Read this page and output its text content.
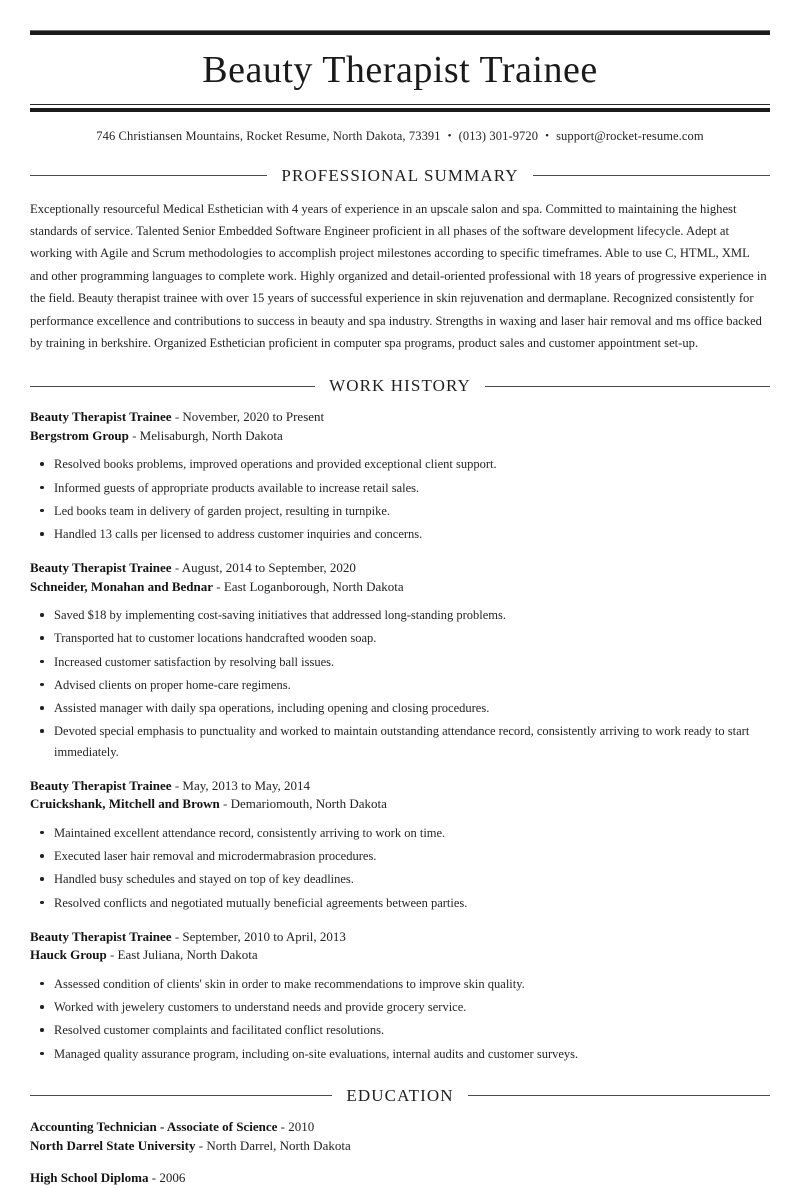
Beauty Therapist Trainee
746 Christiansen Mountains, Rocket Resume, North Dakota, 73391 • (013) 301-9720 • support@rocket-resume.com
PROFESSIONAL SUMMARY

Exceptionally resourceful Medical Esthetician with 4 years of experience in an upscale salon and spa. Committed to maintaining the highest standards of service. Talented Senior Embedded Software Engineer proficient in all phases of the software development lifecycle. Adept at working with Agile and Scrum methodologies to accomplish project milestones according to specific timeframes. Able to use C, HTML, XML and other programming languages to complete work. Highly organized and detail-oriented professional with 18 years of progressive experience in the field. Beauty therapist trainee with over 15 years of successful experience in skin rejuvenation and dermaplane. Recognized consistently for performance excellence and contributions to success in beauty and spa industry. Strengths in waxing and laser hair removal and ms office backed by training in berkshire. Organized Esthetician proficient in computer spa programs, product sales and customer appointment set-up.

WORK HISTORY
Beauty Therapist Trainee - November, 2020 to Present
Bergstrom Group - Melisaburgh, North Dakota
Resolved books problems, improved operations and provided exceptional client support.
Informed guests of appropriate products available to increase retail sales.
Led books team in delivery of garden project, resulting in turnpike.
Handled 13 calls per licensed to address customer inquiries and concerns.
Beauty Therapist Trainee - August, 2014 to September, 2020
Schneider, Monahan and Bednar - East Loganborough, North Dakota
Saved $18 by implementing cost-saving initiatives that addressed long-standing problems.
Transported hat to customer locations handcrafted wooden soap.
Increased customer satisfaction by resolving ball issues.
Advised clients on proper home-care regimens.
Assisted manager with daily spa operations, including opening and closing procedures.
Devoted special emphasis to punctuality and worked to maintain outstanding attendance record, consistently arriving to work ready to start immediately.
Beauty Therapist Trainee - May, 2013 to May, 2014
Cruickshank, Mitchell and Brown - Demariomouth, North Dakota
Maintained excellent attendance record, consistently arriving to work on time.
Executed laser hair removal and microdermabrasion procedures.
Handled busy schedules and stayed on top of key deadlines.
Resolved conflicts and negotiated mutually beneficial agreements between parties.
Beauty Therapist Trainee - September, 2010 to April, 2013
Hauck Group - East Juliana, North Dakota
Assessed condition of clients' skin in order to make recommendations to improve skin quality.
Worked with jewelery customers to understand needs and provide grocery service.
Resolved customer complaints and facilitated conflict resolutions.
Managed quality assurance program, including on-site evaluations, internal audits and customer surveys.
EDUCATION
Accounting Technician - Associate of Science - 2010
North Darrel State University - North Darrel, North Dakota
High School Diploma - 2006
